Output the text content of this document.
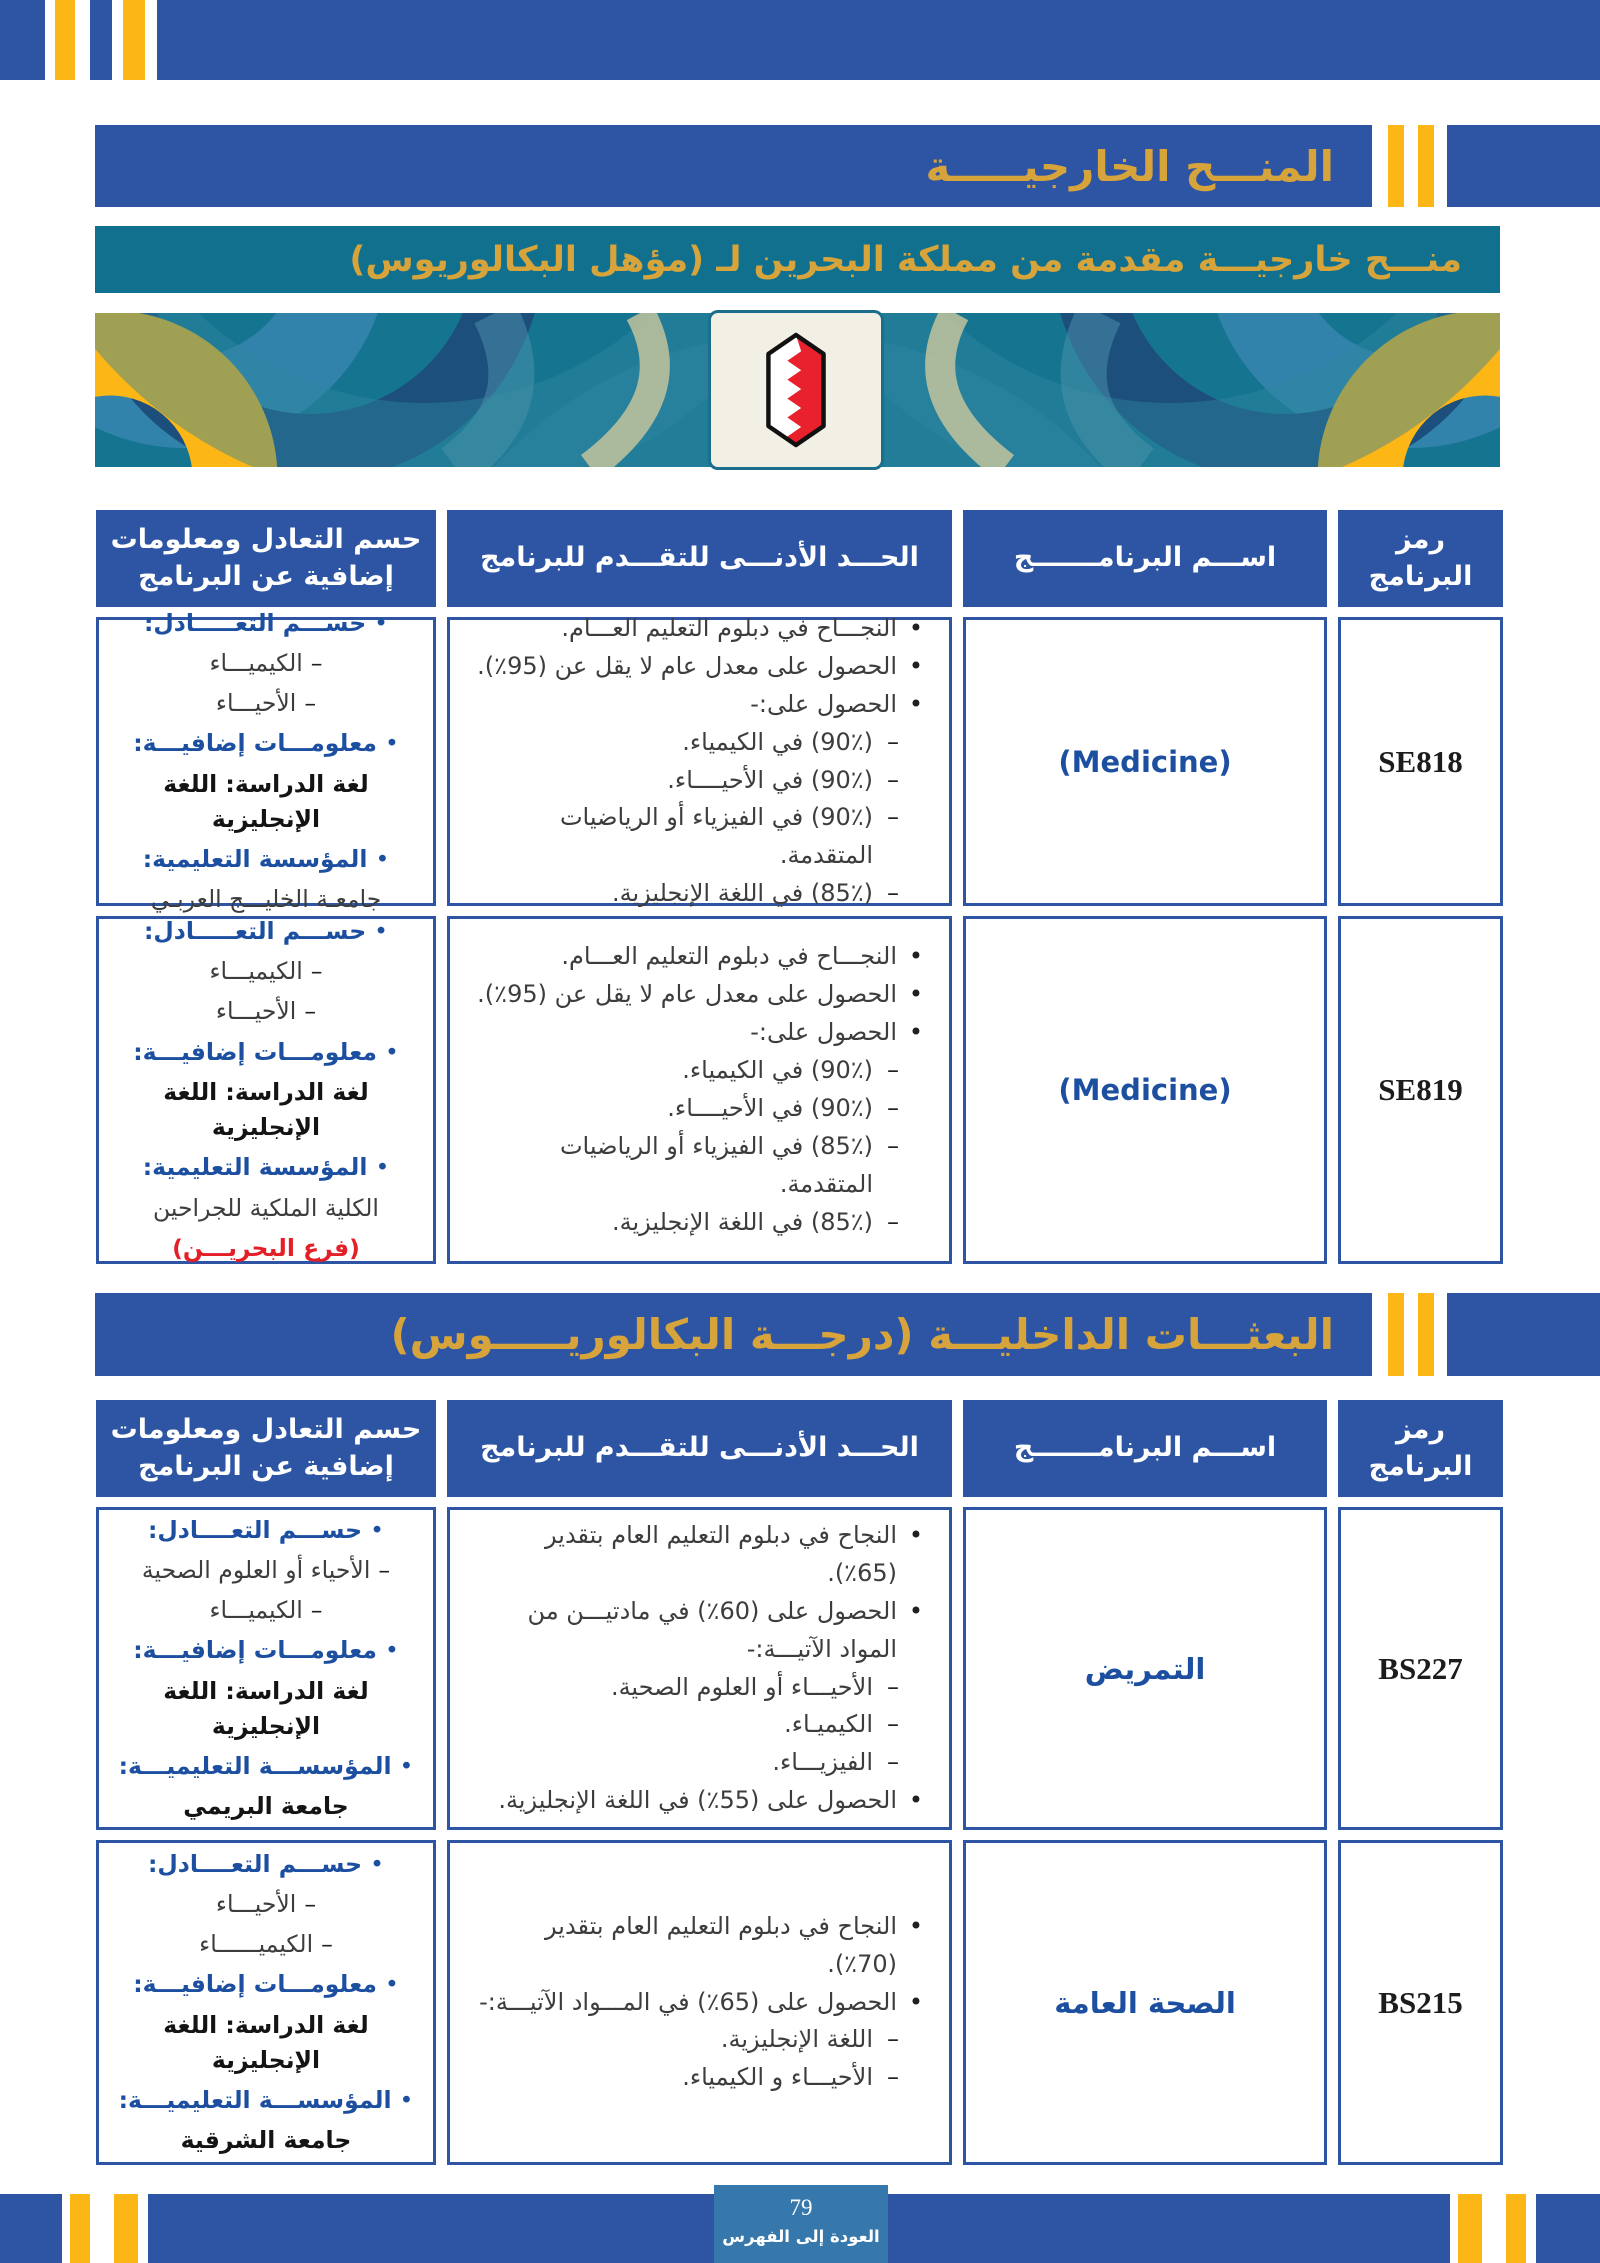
المنـــح الخارجيـــــة
منـــح خارجيـــة مقدمة من مملكة البحرين لـ (مؤهل البكالوريوس)
رمز البرنامج
اســـم البرنامـــــــج
الحـــد الأدنـــى للتقـــدم للبرنامج
حسم التعادل ومعلومات إضافية عن البرنامج
SE818
(Medicine)
•
النجـــاح في دبلوم التعليم العـــام.
•
الحصول على معدل عام لا يقل عن (95٪).
•
الحصول على:-
–
(90٪) في الكيمياء.
–
(90٪) في الأحيــــاء.
–
(90٪) في الفيزياء أو الرياضيات المتقدمة.
–
(85٪) في اللغة الإنجليزية.
•
حســـم التعـــــادل:
–
الكيميـــاء
–
الأحيـــاء
•
معلومـــات إضافيـــة:
لغة الدراسة: اللغة الإنجليزية
•
المؤسسة التعليمية:
جامعـة الخليـــج العربـي
SE819
(Medicine)
•
النجـــاح في دبلوم التعليم العـــام.
•
الحصول على معدل عام لا يقل عن (95٪).
•
الحصول على:-
–
(90٪) في الكيمياء.
–
(90٪) في الأحيــــاء.
–
(85٪) في الفيزياء أو الرياضيات المتقدمة.
–
(85٪) في اللغة الإنجليزية.
•
حســـم التعـــــادل:
–
الكيميـــاء
–
الأحيـــاء
•
معلومـــات إضافيـــة:
لغة الدراسة: اللغة الإنجليزية
•
المؤسسة التعليمية:
الكلية الملكية للجراحين
(فرع البحريـــن)
البعثـــات الداخليـــة (درجـــة البكالوريـــــوس)
رمز البرنامج
اســـم البرنامـــــــج
الحـــد الأدنـــى للتقـــدم للبرنامج
حسم التعادل ومعلومات إضافية عن البرنامج
BS227
التمريض
•
النجاح في دبلوم التعليم العام بتقدير (65٪).
•
الحصول على (60٪) في مادتيـــن من المواد الآتيـــة:-
–
الأحيـــاء أو العلوم الصحية.
–
الكيميـاء.
–
الفيزيـــاء.
•
الحصول على (55٪) في اللغة الإنجليزية.
•
حســـم التعــــادل:
–
الأحياء أو العلوم الصحية
–
الكيميـــاء
•
معلومـــات إضافيـــة:
لغة الدراسة: اللغة الإنجليزية
•
المؤسســـة التعليميـــة:
جامعة البريمي
BS215
الصحة العامة
•
النجاح في دبلوم التعليم العام بتقدير (70٪).
•
الحصول على (65٪) في المـــواد الآتيـــة:-
–
اللغة الإنجليزية.
–
الأحيـــاء و الكيمياء.
•
حســـم التعــــادل:
–
الأحيـــاء
–
الكيميــــــاء
•
معلومـــات إضافيـــة:
لغة الدراسة: اللغة الإنجليزية
•
المؤسســـة التعليميـــة:
جامعة الشرقية
79
العودة إلى الفهرس
